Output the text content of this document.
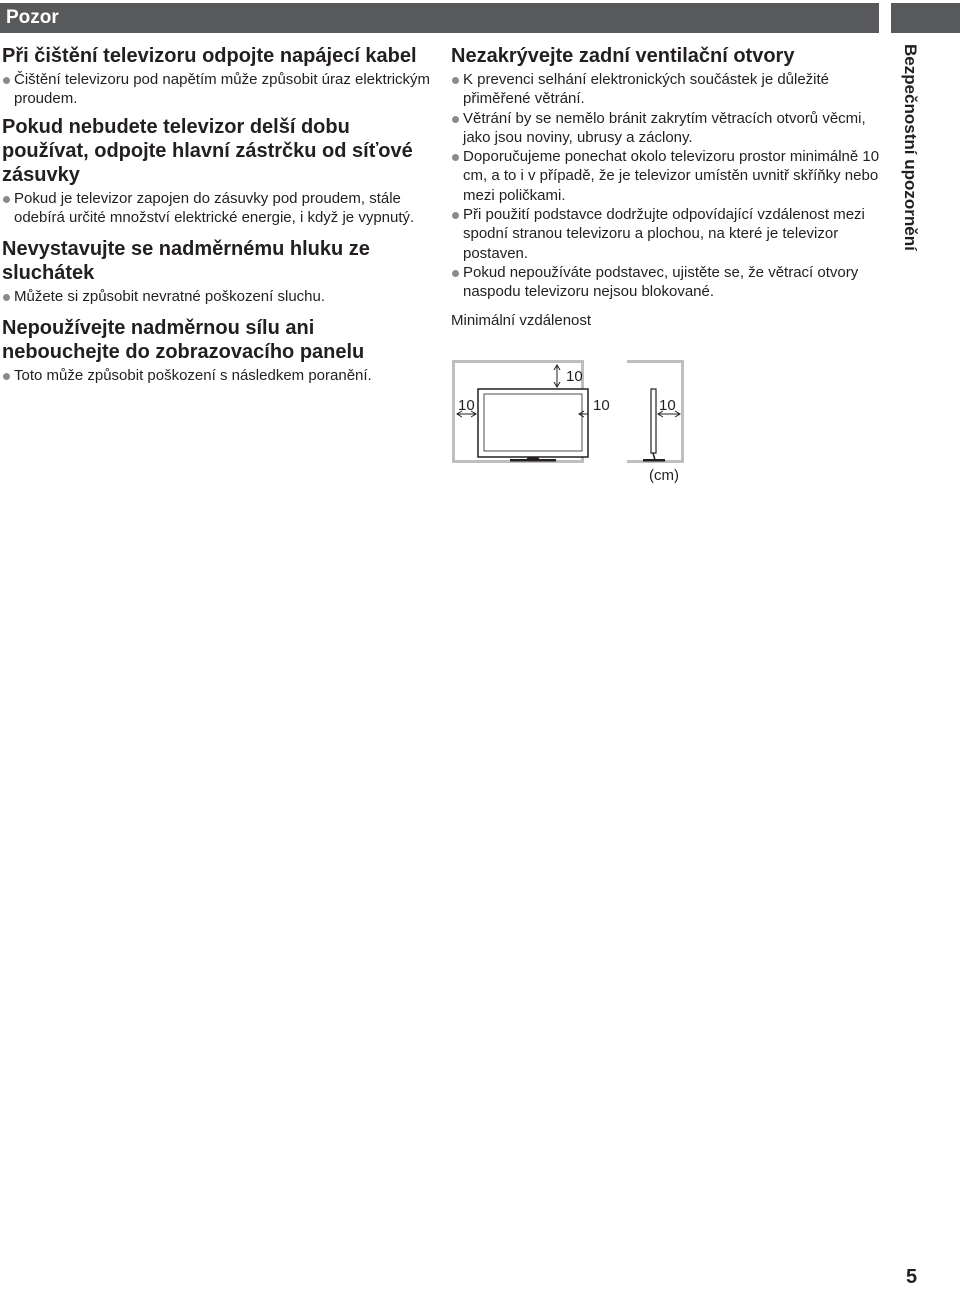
Pozor
Bezpečnostní upozornění
Při čištění televizoru odpojte napájecí kabel
Čištění televizoru pod napětím může způsobit úraz elektrickým proudem.
Pokud nebudete televizor delší dobu používat, odpojte hlavní zástrčku od síťové zásuvky
Pokud je televizor zapojen do zásuvky pod proudem, stále odebírá určité množství elektrické energie, i když je vypnutý.
Nevystavujte se nadměrnému hluku ze sluchátek
Můžete si způsobit nevratné poškození sluchu.
Nepoužívejte nadměrnou sílu ani nebouchejte do zobrazovacího panelu
Toto může způsobit poškození s následkem poranění.
Nezakrývejte zadní ventilační otvory
K prevenci selhání elektronických součástek je důležité přiměřené větrání.
Větrání by se nemělo bránit zakrytím větracích otvorů věcmi, jako jsou noviny, ubrusy a záclony.
Doporučujeme ponechat okolo televizoru prostor minimálně 10 cm, a to i v případě, že je televizor umístěn uvnitř skříňky nebo mezi poličkami.
Při použití podstavce dodržujte odpovídající vzdálenost mezi spodní stranou televizoru a plochou, na které je televizor postaven.
Pokud nepoužíváte podstavec, ujistěte se, že větrací otvory naspodu televizoru nejsou blokované.
Minimální vzdálenost
10
10	10	10
(cm)
5
